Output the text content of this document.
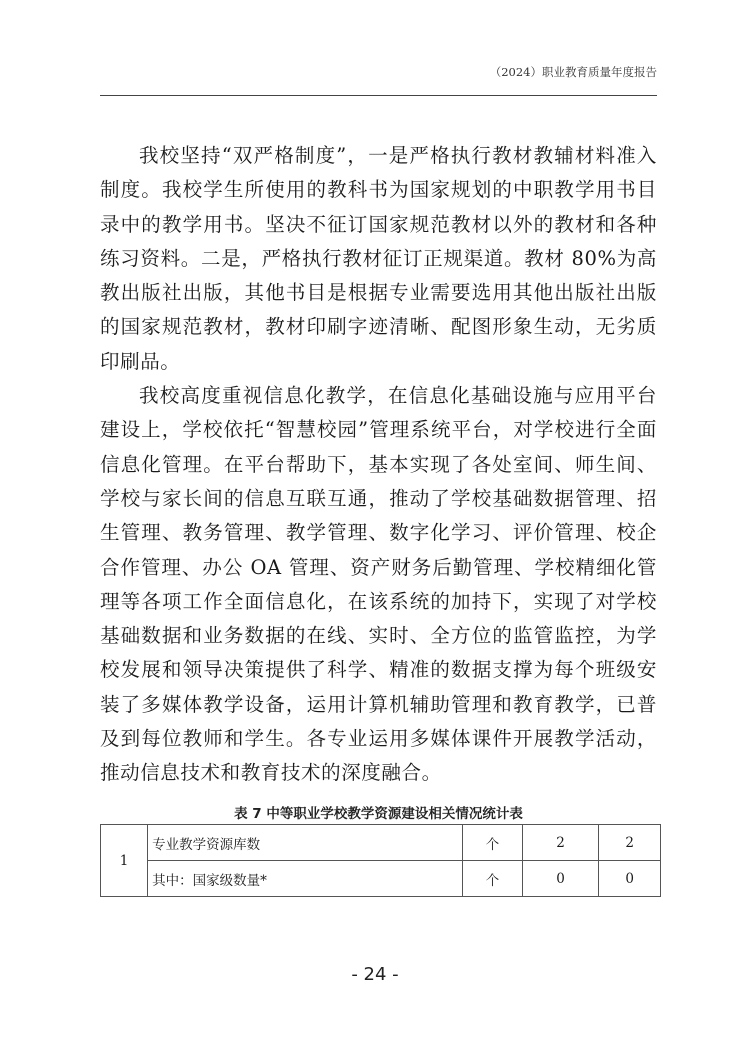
（2024）职业教育质量年度报告

我校坚持“双严格制度”，一是严格执行教材教辅材料准入制度。我校学生所使用的教科书为国家规划的中职教学用书目录中的教学用书。坚决不征订国家规范教材以外的教材和各种练习资料。二是，严格执行教材征订正规渠道。教材 80%为高教出版社出版，其他书目是根据专业需要选用其他出版社出版的国家规范教材，教材印刷字迹清晰、配图形象生动，无劣质印刷品。

我校高度重视信息化教学，在信息化基础设施与应用平台建设上，学校依托“智慧校园”管理系统平台，对学校进行全面信息化管理。在平台帮助下，基本实现了各处室间、师生间、学校与家长间的信息互联互通，推动了学校基础数据管理、招生管理、教务管理、教学管理、数字化学习、评价管理、校企合作管理、办公 OA 管理、资产财务后勤管理、学校精细化管理等各项工作全面信息化，在该系统的加持下，实现了对学校基础数据和业务数据的在线、实时、全方位的监管监控，为学校发展和领导决策提供了科学、精准的数据支撑为每个班级安装了多媒体教学设备，运用计算机辅助管理和教育教学，已普及到每位教师和学生。各专业运用多媒体课件开展教学活动，推动信息技术和教育技术的深度融合。

表 7 中等职业学校教学资源建设相关情况统计表
1	专业教学资源库数	个	2	2
	其中：国家级数量*	个	0	0
- 24 -
